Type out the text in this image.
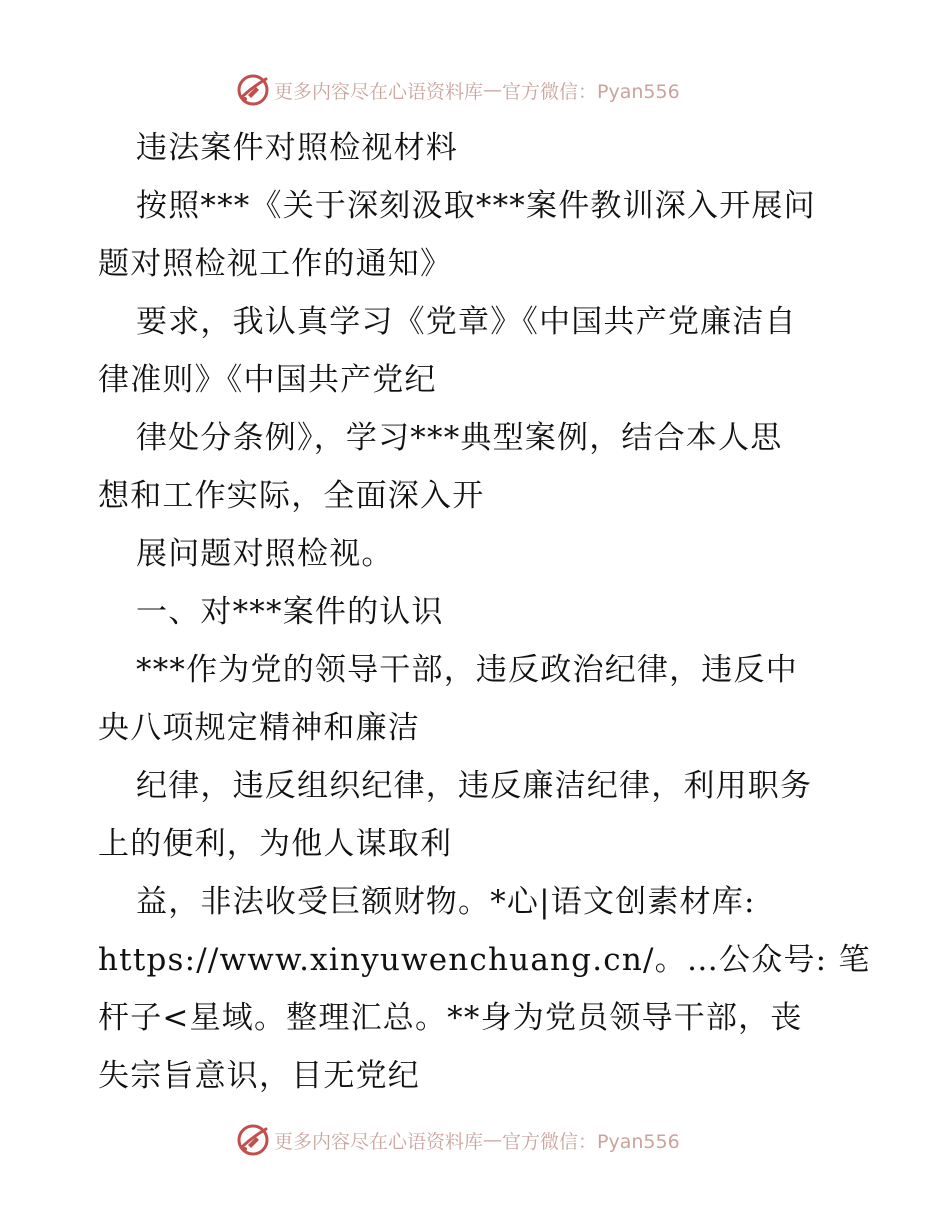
更多内容尽在心语资料库 — 官方微信：Pyan556
违法案件对照检视材料
按照***《关于深刻汲取***案件教训深入开展问
题对照检视工作的通知》
要求，我认真学习《党章》《中国共产党廉洁自
律准则》《中国共产党纪
律处分条例》，学习***典型案例，结合本人思
想和工作实际，全面深入开
展问题对照检视。
一、对***案件的认识
***作为党的领导干部，违反政治纪律，违反中
央八项规定精神和廉洁
纪律，违反组织纪律，违反廉洁纪律，利用职务
上的便利，为他人谋取利
益，非法收受巨额财物。*心|语文创素材库:
https://www.xinyuwenchuang.cn/。…公众号: 笔
杆子<星域。整理汇总。**身为党员领导干部，丧
失宗旨意识，目无党纪
更多内容尽在心语资料库 — 官方微信：Pyan556
